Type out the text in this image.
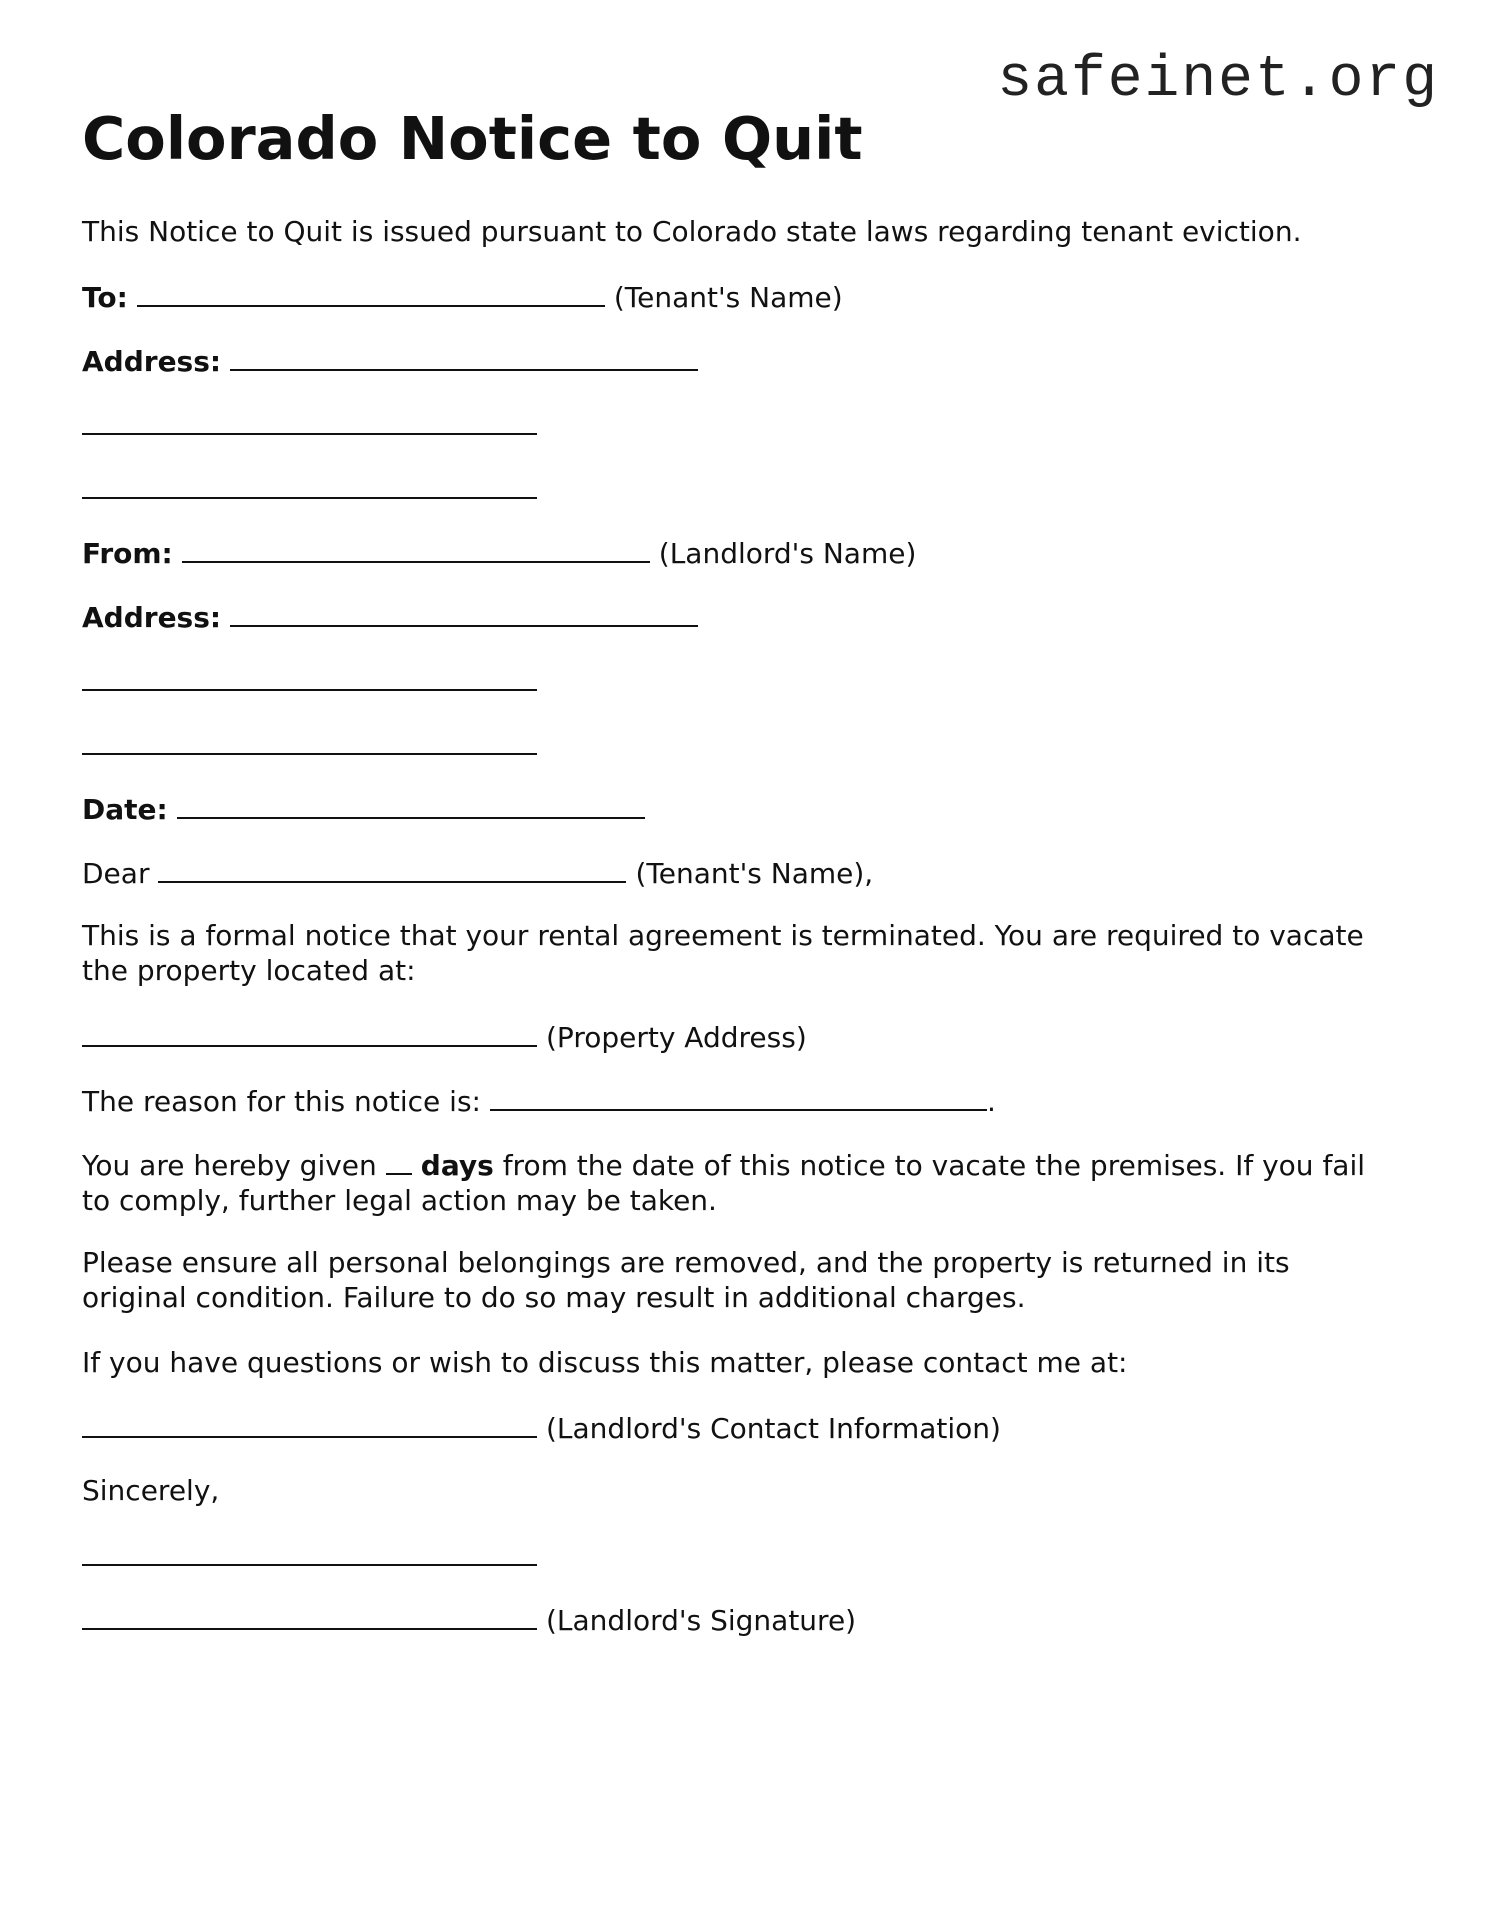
safeinet.org
Colorado Notice to Quit
This Notice to Quit is issued pursuant to Colorado state laws regarding tenant eviction.
To:	(Tenant's Name)
Address:
From:	(Landlord's Name)
Address:
Date:
Dear	(Tenant's Name),
This is a formal notice that your rental agreement is terminated. You are required to vacate the property located at:
(Property Address)
The reason for this notice is:	.
You are hereby given days from the date of this notice to vacate the premises. If you fail to comply, further legal action may be taken.
Please ensure all personal belongings are removed, and the property is returned in its original condition. Failure to do so may result in additional charges.
If you have questions or wish to discuss this matter, please contact me at:
(Landlord's Contact Information)
Sincerely,
(Landlord's Signature)
